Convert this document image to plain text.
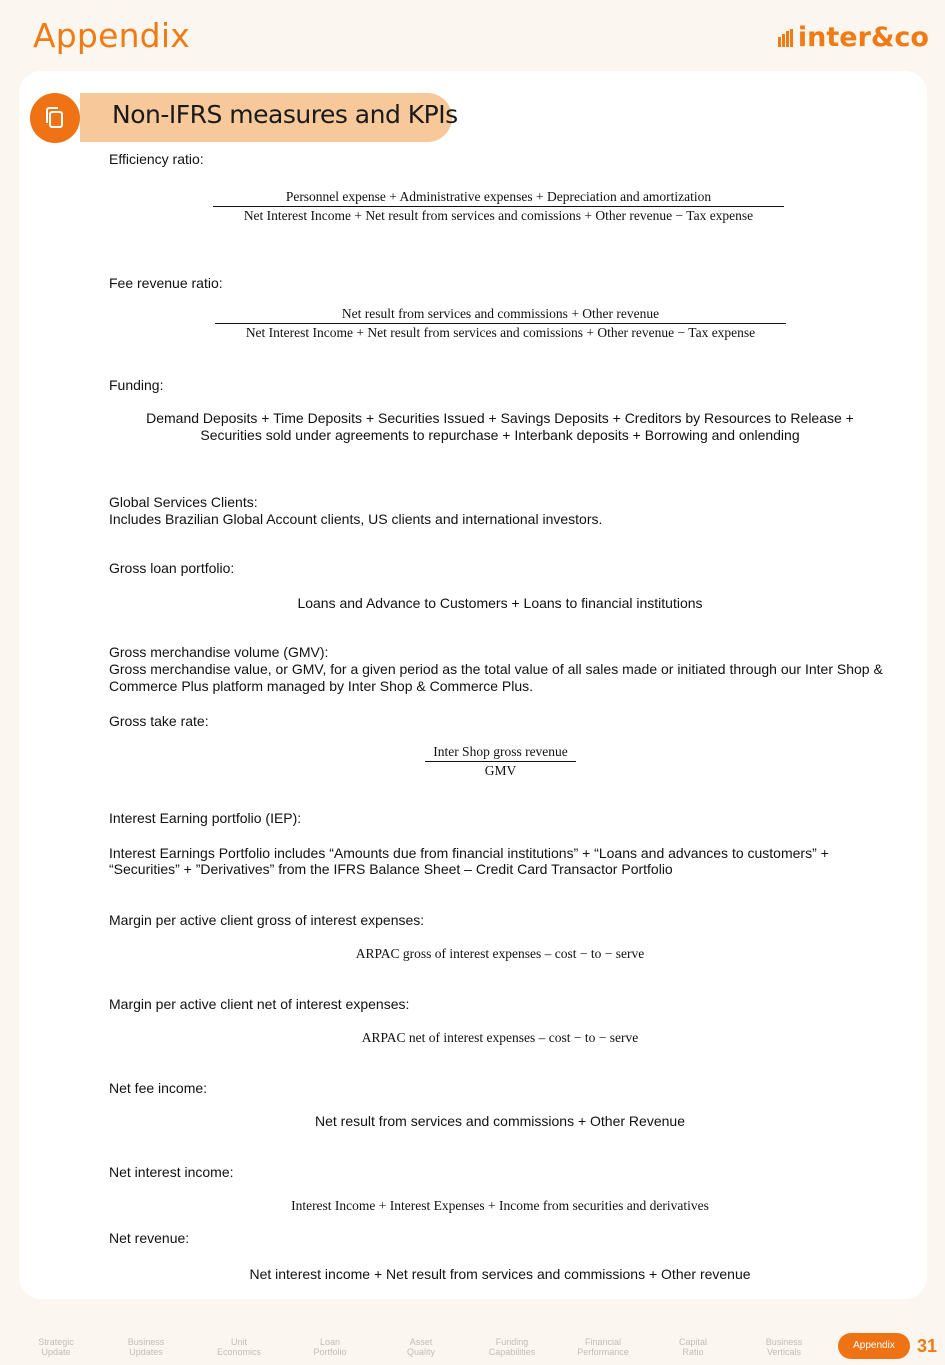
Appendix	inter&co
Non-IFRS measures and KPIs
Efficiency ratio:
Personnel expense + Administrative expenses + Depreciation and amortization
Net Interest Income + Net result from services and comissions + Other revenue − Tax expense
Fee revenue ratio:
Net result from services and commissions + Other revenue
Net Interest Income + Net result from services and comissions + Other revenue − Tax expense
Funding:
Demand Deposits + Time Deposits + Securities Issued + Savings Deposits + Creditors by Resources to Release +
Securities sold under agreements to repurchase + Interbank deposits + Borrowing and onlending
Global Services Clients:
Includes Brazilian Global Account clients, US clients and international investors.
Gross loan portfolio:
Loans and Advance to Customers + Loans to financial institutions
Gross merchandise volume (GMV):
Gross merchandise value, or GMV, for a given period as the total value of all sales made or initiated through our Inter Shop & Commerce Plus platform managed by Inter Shop & Commerce Plus.
Gross take rate:
Inter Shop gross revenue
GMV
Interest Earning portfolio (IEP):
Interest Earnings Portfolio includes “Amounts due from financial institutions” + “Loans and advances to customers” + “Securities” + ”Derivatives” from the IFRS Balance Sheet – Credit Card Transactor Portfolio
Margin per active client gross of interest expenses:
ARPAC gross of interest expenses – cost − to − serve
Margin per active client net of interest expenses:
ARPAC net of interest expenses – cost − to − serve
Net fee income:
Net result from services and commissions + Other Revenue
Net interest income:
Interest Income + Interest Expenses + Income from securities and derivatives
Net revenue:
Net interest income + Net result from services and commissions + Other revenue
Strategic
Update
Business
Updates
Unit
Economics
Loan
Portfolio
Asset
Quality
Funding
Capabilities
Financial
Performance
Capital
Ratio
Business
Verticals
Appendix	31
